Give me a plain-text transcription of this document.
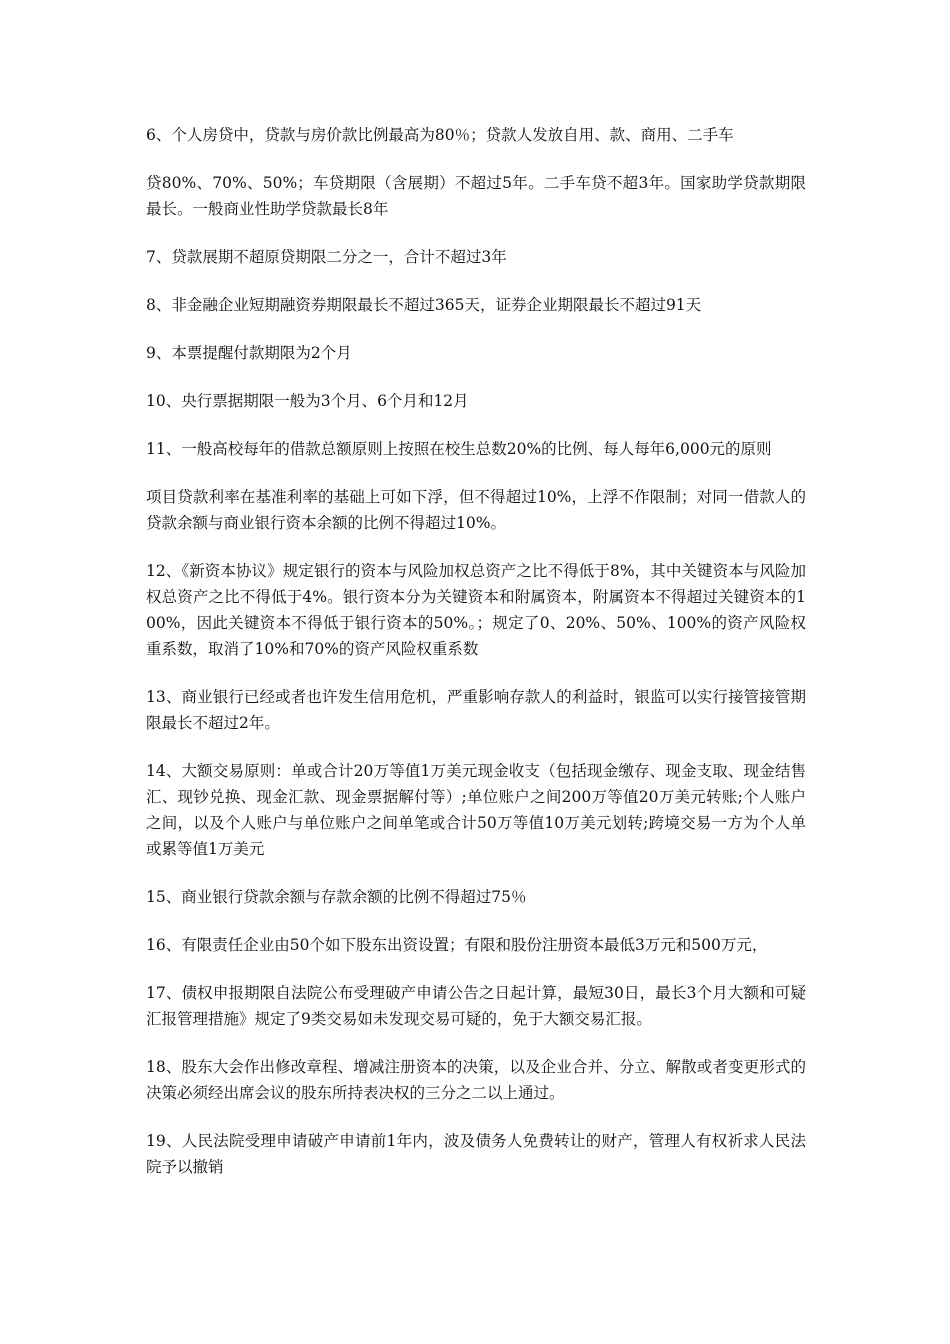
6、个人房贷中，贷款与房价款比例最高为80％；贷款人发放自用、款、商用、二手车

贷80%、70%、50%；车贷期限（含展期）不超过5年。二手车贷不超3年。国家助学贷款期限最长。一般商业性助学贷款最长8年

7、贷款展期不超原贷期限二分之一，合计不超过3年

8、非金融企业短期融资券期限最长不超过365天，证券企业期限最长不超过91天

9、本票提醒付款期限为2个月

10、央行票据期限一般为3个月、6个月和12月

11、一般高校每年的借款总额原则上按照在校生总数20%的比例、每人每年6,000元的原则

项目贷款利率在基准利率的基础上可如下浮，但不得超过10%，上浮不作限制；对同一借款人的贷款余额与商业银行资本余额的比例不得超过10%。

12、《新资本协议》规定银行的资本与风险加权总资产之比不得低于8%，其中关键资本与风险加权总资产之比不得低于4%。银行资本分为关键资本和附属资本，附属资本不得超过关键资本的100%，因此关键资本不得低于银行资本的50%。；规定了0、20%、50%、100%的资产风险权重系数，取消了10%和70%的资产风险权重系数

13、商业银行已经或者也许发生信用危机，严重影响存款人的利益时，银监可以实行接管接管期限最长不超过2年。

14、大额交易原则：单或合计20万等值1万美元现金收支（包括现金缴存、现金支取、现金结售汇、现钞兑换、现金汇款、现金票据解付等）;单位账户之间200万等值20万美元转账;个人账户之间，以及个人账户与单位账户之间单笔或合计50万等值10万美元划转;跨境交易一方为个人单或累等值1万美元

15、商业银行贷款余额与存款余额的比例不得超过75％

16、有限责任企业由50个如下股东出资设置；有限和股份注册资本最低3万元和500万元，

17、债权申报期限自法院公布受理破产申请公告之日起计算，最短30日，最长3个月大额和可疑汇报管理措施》规定了9类交易如未发现交易可疑的，免于大额交易汇报。

18、股东大会作出修改章程、增减注册资本的决策，以及企业合并、分立、解散或者变更形式的决策必须经出席会议的股东所持表决权的三分之二以上通过。

19、人民法院受理申请破产申请前1年内，波及债务人免费转让的财产，管理人有权祈求人民法院予以撤销
